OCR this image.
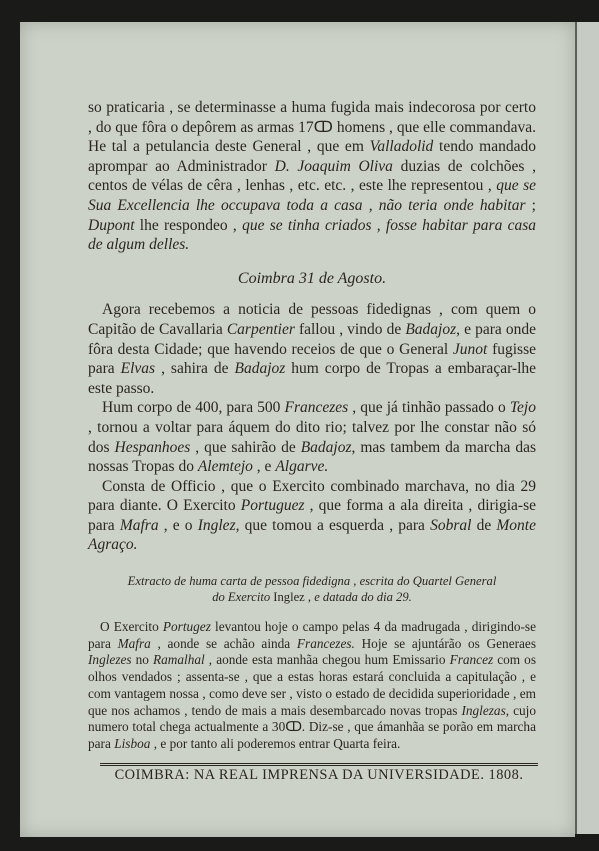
so praticaria , se determinasse a huma fugida mais indecorosa por certo , do que fôra o depôrem as armas 17ↀ homens , que elle commandava. He tal a petulancia deste General , que em Valladolid tendo mandado aprompar ao Administrador D. Joaquim Oliva duzias de colchões , centos de vélas de cêra , lenhas , etc. etc. , este lhe representou , que se Sua Excellencia lhe occupava toda a casa , não teria onde habitar ; Dupont lhe respondeo , que se tinha criados , fosse habitar para casa de algum delles.

Coimbra 31 de Agosto.

Agora recebemos a noticia de pessoas fidedignas , com quem o Capitão de Cavallaria Carpentier fallou , vindo de Badajoz, e para onde fôra desta Cidade; que havendo receios de que o General Junot fugisse para Elvas , sahira de Badajoz hum corpo de Tropas a embaraçar-lhe este passo.

Hum corpo de 400, para 500 Francezes , que já tinhão passado o Tejo , tornou a voltar para áquem do dito rio; talvez por lhe constar não só dos Hespanhoes , que sahirão de Badajoz, mas tambem da marcha das nossas Tropas do Alemtejo , e Algarve.

Consta de Officio , que o Exercito combinado marchava, no dia 29 para diante. O Exercito Portuguez , que forma a ala direita , dirigia-se para Mafra , e o Inglez, que tomou a esquerda , para Sobral de Monte Agraço.

Extracto de huma carta de pessoa fidedigna , escrita do Quartel General
do Exercito Inglez , e datada do dia 29.

O Exercito Portugez levantou hoje o campo pelas 4 da madrugada , dirigindo-se para Mafra , aonde se achão ainda Francezes. Hoje se ajuntárão os Generaes Inglezes no Ramalhal , aonde esta manhãa chegou hum Emissario Francez com os olhos vendados ; assenta-se , que a estas horas estará concluida a capitulação , e com vantagem nossa , como deve ser , visto o estado de decidida superioridade , em que nos achamos , tendo de mais a mais desembarcado novas tropas Inglezas, cujo numero total chega actualmente a 30ↀ. Diz-se , que ámanhãa se porão em marcha para Lisboa , e por tanto ali poderemos entrar Quarta feira.

COIMBRA: NA REAL IMPRENSA DA UNIVERSIDADE. 1808.
